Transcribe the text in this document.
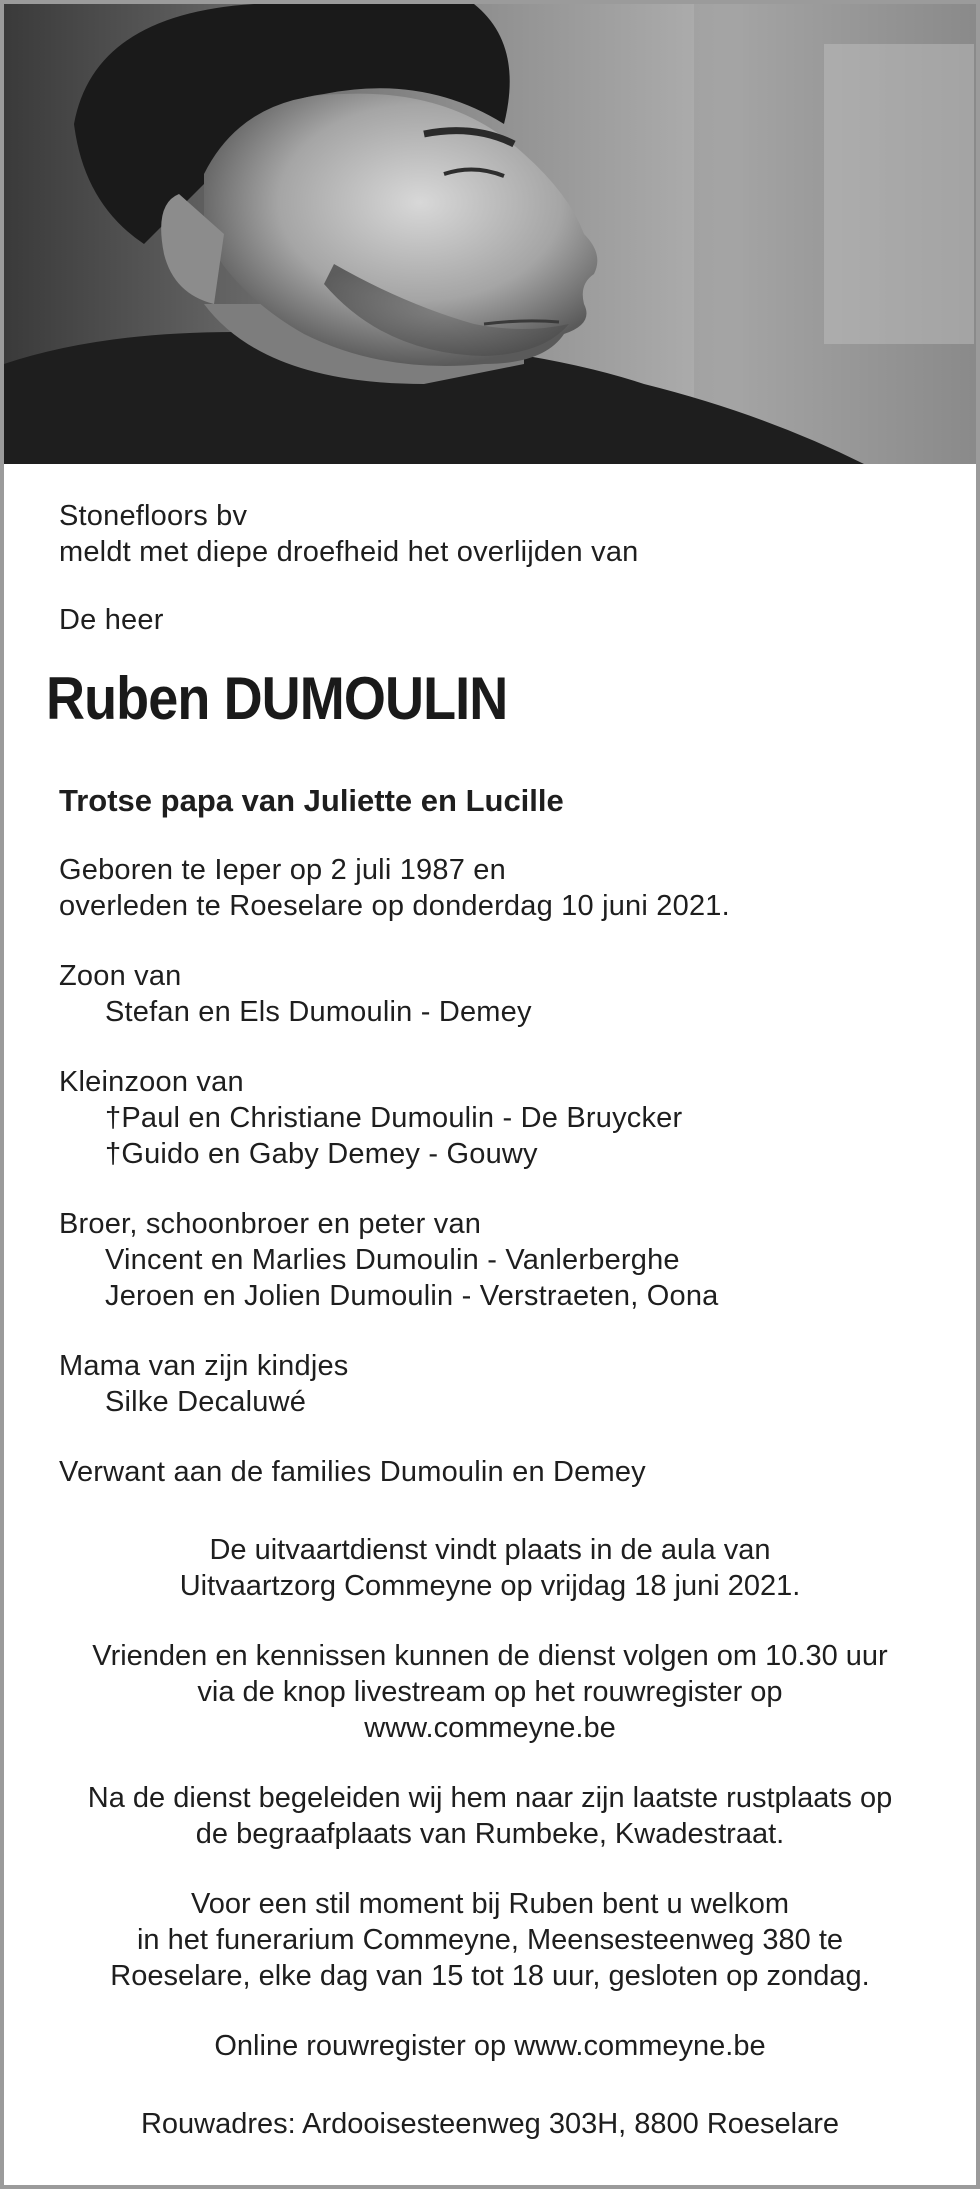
Stonefloors bv
meldt met diepe droefheid het overlijden van
De heer
Ruben DUMOULIN
Trotse papa van Juliette en Lucille
Geboren te Ieper op 2 juli 1987 en
overleden te Roeselare op donderdag 10 juni 2021.
Zoon van
Stefan en Els Dumoulin - Demey
Kleinzoon van
†Paul en Christiane Dumoulin - De Bruycker
†Guido en Gaby Demey - Gouwy
Broer, schoonbroer en peter van
Vincent en Marlies Dumoulin - Vanlerberghe
Jeroen en Jolien Dumoulin - Verstraeten, Oona
Mama van zijn kindjes
Silke Decaluwé
Verwant aan de families Dumoulin en Demey
De uitvaartdienst vindt plaats in de aula van
Uitvaartzorg Commeyne op vrijdag 18 juni 2021.
Vrienden en kennissen kunnen de dienst volgen om 10.30 uur
via de knop livestream op het rouwregister op
www.commeyne.be
Na de dienst begeleiden wij hem naar zijn laatste rustplaats op
de begraafplaats van Rumbeke, Kwadestraat.
Voor een stil moment bij Ruben bent u welkom
in het funerarium Commeyne, Meensesteenweg 380 te
Roeselare, elke dag van 15 tot 18 uur, gesloten op zondag.
Online rouwregister op www.commeyne.be
Rouwadres: Ardooisesteenweg 303H, 8800 Roeselare
